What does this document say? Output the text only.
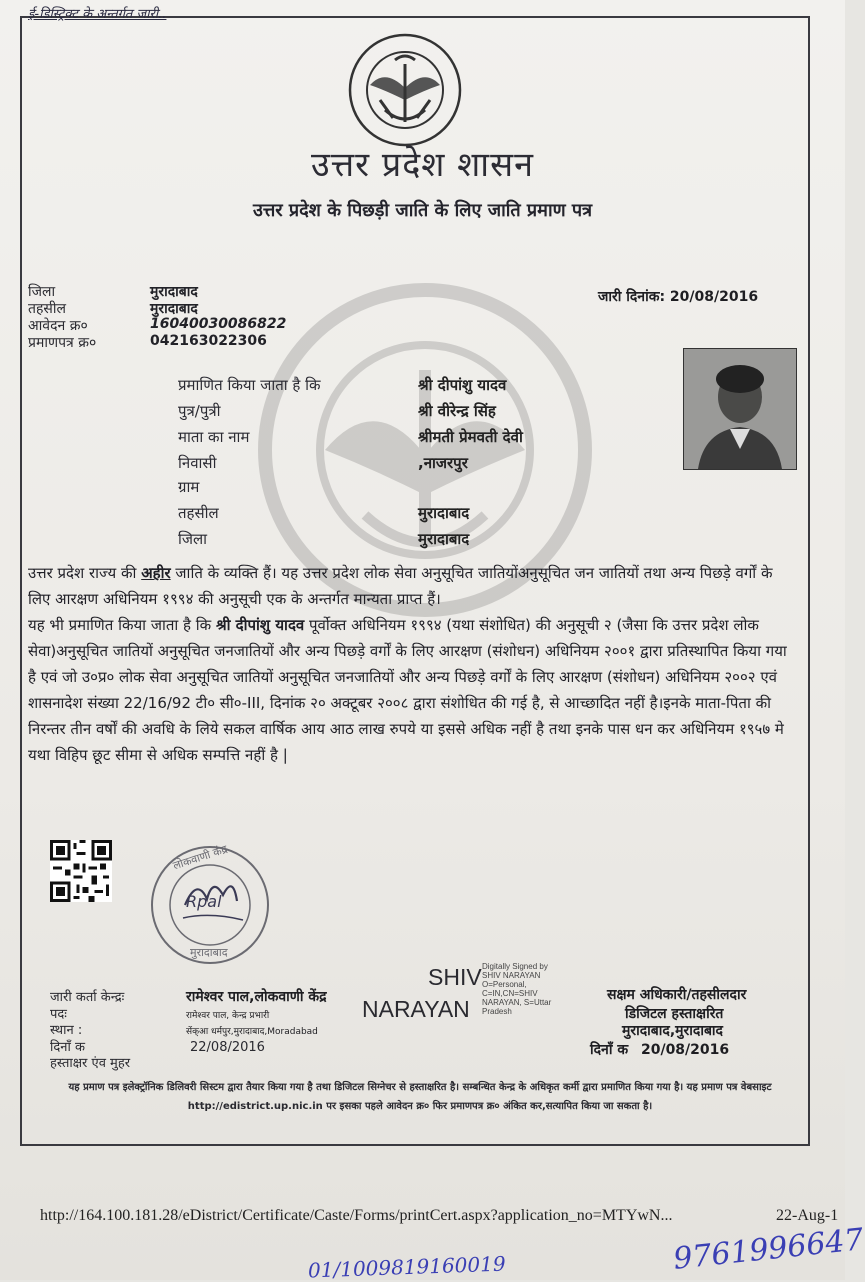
ई-डिस्ट्रिक्ट के अन्तर्गत जारी..
उत्तर प्रदेश शासन
उत्तर प्रदेश के पिछड़ी जाति के लिए जाति प्रमाण पत्र
जिला	मुरादाबाद
तहसील	मुरादाबाद
आवेदन क्र०	16040030086822
प्रमाणपत्र क्र०	042163022306
जारी दिनांक: 20/08/2016
प्रमाणित किया जाता है कि	श्री दीपांशु यादव
पुत्र/पुत्री	श्री वीरेन्द्र सिंह
माता का नाम	श्रीमती प्रेमवती देवी
निवासी	,नाजरपुर
ग्राम
तहसील	मुरादाबाद
जिला	मुरादाबाद

उत्तर प्रदेश राज्य की अहीर जाति के व्यक्ति हैं। यह उत्तर प्रदेश लोक सेवा अनुसूचित जातियोंअनुसूचित जन जातियों तथा अन्य पिछड़े वर्गों के लिए आरक्षण अधिनियम १९९४ की अनुसूची एक के अन्तर्गत मान्यता प्राप्त हैं।

यह भी प्रमाणित किया जाता है कि श्री दीपांशु यादव पूर्वोक्त अधिनियम १९९४ (यथा संशोधित) की अनुसूची २ (जैसा कि उत्तर प्रदेश लोक सेवा)अनुसूचित जातियों अनुसूचित जनजातियों और अन्य पिछड़े वर्गों के लिए आरक्षण (संशोधन) अधिनियम २००१ द्वारा प्रतिस्थापित किया गया है एवं जो उ०प्र० लोक सेवा अनुसूचित जातियों अनुसूचित जनजातियों और अन्य पिछड़े वर्गों के लिए आरक्षण (संशोधन) अधिनियम २००२ एवं शासनादेश संख्या 22/16/92 टी० सी०-III, दिनांक २० अक्टूबर २००८ द्वारा संशोधित की गई है, से आच्छादित नहीं है।इनके माता-पिता की निरन्तर तीन वर्षों की अवधि के लिये सकल वार्षिक आय आठ लाख रुपये या इससे अधिक नहीं है तथा इनके पास धन कर अधिनियम १९५७ मे यथा विहिप छूट सीमा से अधिक सम्पत्ति नहीं है |

लोकवाणी केंद्र
मुरादाबाद
Rpal
जारी कर्ता केन्द्रः	रामेश्वर पाल,लोकवाणी केंद्र
पदः	रामेश्वर पाल, केन्द्र प्रभारी
स्थान :	सेंक्आ धर्मपुर,मुरादाबाद,Moradabad
दिनाँ क	22/08/2016
हस्ताक्षर एंव मुहर
SHIV
NARAYAN
Digitally Signed by
SHIV NARAYAN
O=Personal,
C=IN,CN=SHIV
NARAYAN, S=Uttar
Pradesh
सक्षम अधिकारी/तहसीलदार
डिजिटल हस्ताक्षरित
मुरादाबाद,मुरादाबाद
दिनाँ क 20/08/2016
यह प्रमाण पत्र इलेक्ट्रॉनिक डिलिवरी सिस्टम द्वारा तैयार किया गया है तथा डिजिटल सिग्नेचर से हस्ताक्षरित है। सम्बन्धित केन्द्र के अधिकृत कर्मी द्वारा प्रमाणित किया गया है। यह प्रमाण पत्र वेबसाइट http://edistrict.up.nic.in पर इसका पहले आवेदन क्र० फिर प्रमाणपत्र क्र० अंकित कर,सत्यापित किया जा सकता है।
http://164.100.181.28/eDistrict/Certificate/Caste/Forms/printCert.aspx?application_no=MTYwN...	22-Aug-1
01/1009819160019	9761996647
